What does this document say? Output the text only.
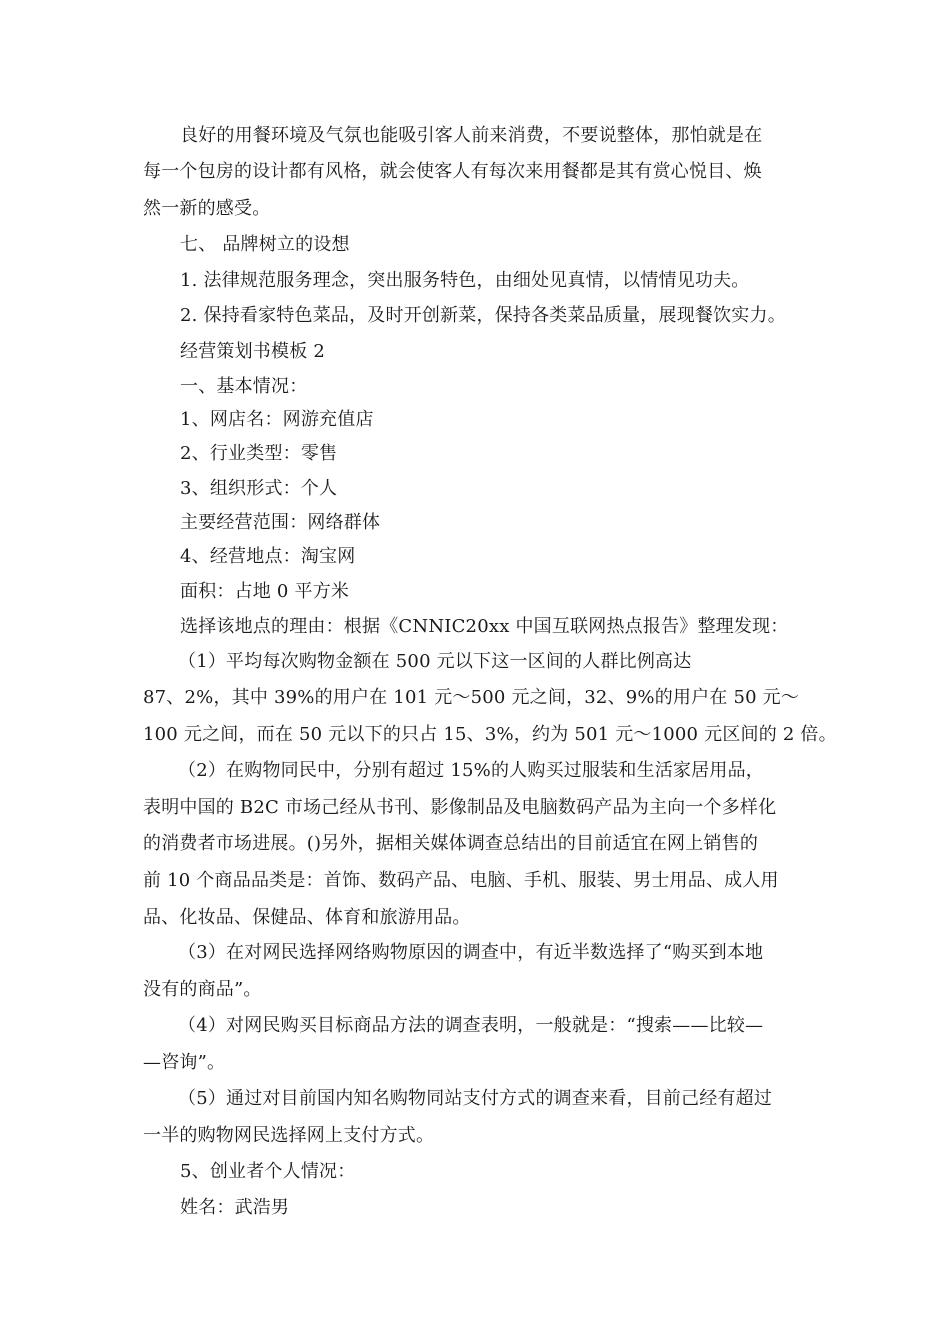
良好的用餐环境及气氛也能吸引客人前来消费，不要说整体，那怕就是在
每一个包房的设计都有风格，就会使客人有每次来用餐都是其有赏心悦目、焕
然一新的感受。
七、 品牌树立的设想
1. 法律规范服务理念，突出服务特色，由细处见真情，以情情见功夫。
2. 保持看家特色菜品，及时开创新菜，保持各类菜品质量，展现餐饮实力。
经营策划书模板 2
一、基本情况：
1、网店名：网游充值店
2、行业类型：零售
3、组织形式：个人
主要经营范围：网络群体
4、经营地点：淘宝网
面积：占地 0 平方米
选择该地点的理由：根据《CNNIC20xx 中国互联网热点报告》整理发现：
（1）平均每次购物金额在 500 元以下这一区间的人群比例高达
87、2%，其中 39%的用户在 101 元～500 元之间，32、9%的用户在 50 元～
100 元之间，而在 50 元以下的只占 15、3%，约为 501 元～1000 元区间的 2 倍。
（2）在购物同民中，分别有超过 15%的人购买过服装和生活家居用品，
表明中国的 B2C 市场己经从书刊、影像制品及电脑数码产品为主向一个多样化
的消费者市场进展。()另外，据相关媒体调查总结出的目前适宜在网上销售的
前 10 个商品品类是：首饰、数码产品、电脑、手机、服装、男士用品、成人用
品、化妆品、保健品、体育和旅游用品。
（3）在对网民选择网络购物原因的调查中，有近半数选择了“购买到本地
没有的商品”。
（4）对网民购买目标商品方法的调查表明，一般就是：“搜索——比较—
—咨询”。
（5）通过对目前国内知名购物同站支付方式的调查来看，目前己经有超过
一半的购物网民选择网上支付方式。
5、创业者个人情况：
姓名：武浩男
